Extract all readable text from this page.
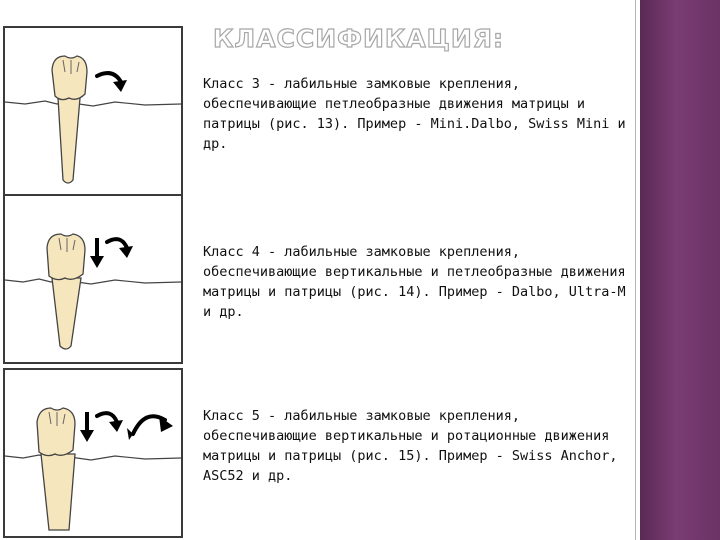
КЛАССИФИКАЦИЯ:

Класс 3 - лабильные замковые крепления, обеспечивающие петлеобразные движения матрицы и патрицы (рис. 13). Пример - Mini.Dalbo, Swiss Mini и др.

Класс 4 - лабильные замковые крепления, обеспечивающие вертикальные и петлеобразные движения матрицы и патрицы (рис. 14). Пример - Dalbo, Ultra-M и др.

Класс 5 - лабильные замковые крепления, обеспечивающие вертикальные и ротационные движения матрицы и патрицы (рис. 15). Пример - Swiss Anchor, ASC52 и др.
